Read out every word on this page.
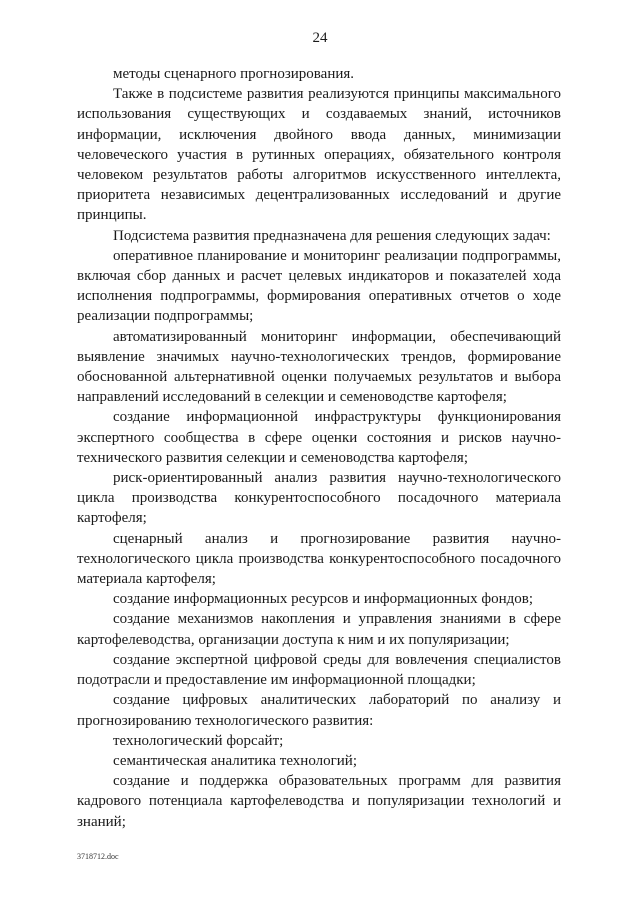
24

методы сценарного прогнозирования.

Также в подсистеме развития реализуются принципы максимального использования существующих и создаваемых знаний, источников информации, исключения двойного ввода данных, минимизации человеческого участия в рутинных операциях, обязательного контроля человеком результатов работы алгоритмов искусственного интеллекта, приоритета независимых децентрализованных исследований и другие принципы.

Подсистема развития предназначена для решения следующих задач:

оперативное планирование и мониторинг реализации подпрограммы, включая сбор данных и расчет целевых индикаторов и показателей хода исполнения подпрограммы, формирования оперативных отчетов о ходе реализации подпрограммы;

автоматизированный мониторинг информации, обеспечивающий выявление значимых научно-технологических трендов, формирование обоснованной альтернативной оценки получаемых результатов и выбора направлений исследований в селекции и семеноводстве картофеля;

создание информационной инфраструктуры функционирования экспертного сообщества в сфере оценки состояния и рисков научно-технического развития селекции и семеноводства картофеля;

риск-ориентированный анализ развития научно-технологического цикла производства конкурентоспособного посадочного материала картофеля;

сценарный анализ и прогнозирование развития научно-технологического цикла производства конкурентоспособного посадочного материала картофеля;

создание информационных ресурсов и информационных фондов;

создание механизмов накопления и управления знаниями в сфере картофелеводства, организации доступа к ним и их популяризации;

создание экспертной цифровой среды для вовлечения специалистов подотрасли и предоставление им информационной площадки;

создание цифровых аналитических лабораторий по анализу и прогнозированию технологического развития:

технологический форсайт;

семантическая аналитика технологий;

создание и поддержка образовательных программ для развития кадрового потенциала картофелеводства и популяризации технологий и знаний;

3718712.doc
